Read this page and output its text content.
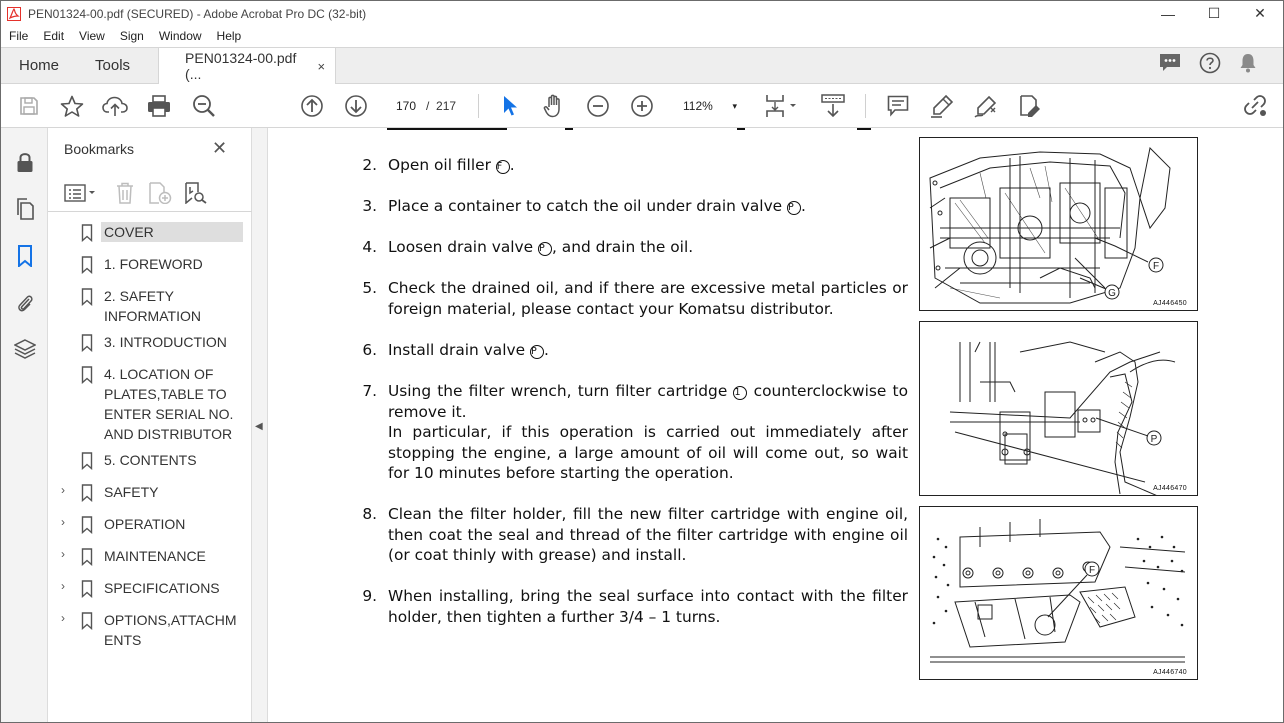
PEN01324-00.pdf (SECURED) - Adobe Acrobat Pro DC (32-bit)	—	☐	✕
File	Edit	View	Sign	Window	Help
Home	Tools	PEN01324-00.pdf (...	×
170 / 217	112% ▾
Bookmarks	✕
COVER
1. FOREWORD
2. SAFETY INFORMATION
3. INTRODUCTION
4. LOCATION OF PLATES,TABLE TO ENTER SERIAL NO. AND DISTRIBUTOR
5. CONTENTS
›	SAFETY
›	OPERATION
›	MAINTENANCE
›	SPECIFICATIONS
›	OPTIONS,ATTACHMENTS
◀
2. Open oil filler F .
3. Place a container to catch the oil under drain valve P .
4. Loosen drain valve P , and drain the oil.
5. Check the drained oil, and if there are excessive metal particles or foreign material, please contact your Komatsu distributor.
6. Install drain valve P .
7. Using the filter wrench, turn filter cartridge 1 counterclockwise to remove it.
In particular, if this operation is carried out immediately after stopping the engine, a large amount of oil will come out, so wait for 10 minutes before starting the operation.
8. Clean the filter holder, fill the new filter cartridge with engine oil, then coat the seal and thread of the filter cartridge with engine oil (or coat thinly with grease) and install.
9. When installing, bring the seal surface into contact with the filter holder, then tighten a further 3/4 – 1 turns.
F
G
AJ446450
P
AJ446470
F
AJ446740
